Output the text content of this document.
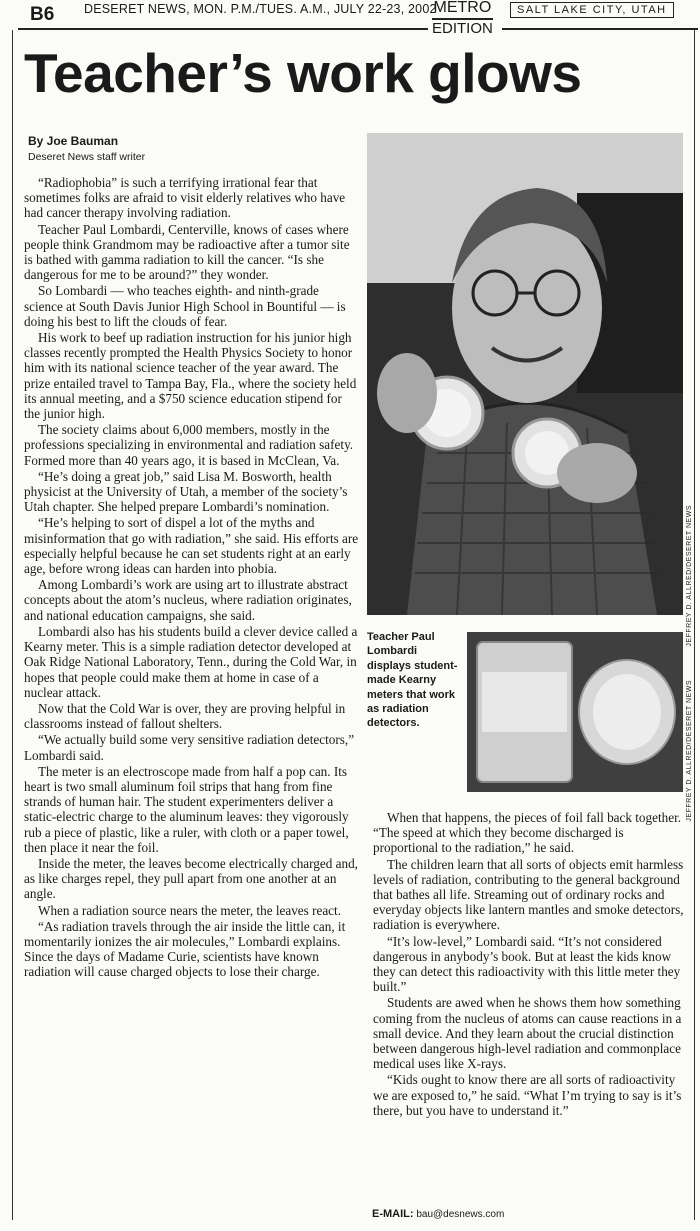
B6 DESERET NEWS, MON. P.M./TUES. A.M., JULY 22-23, 2002
METRO
EDITION
SALT LAKE CITY, UTAH
Teacher’s work glows
By Joe Bauman
Deseret News staff writer

“Radiophobia” is such a terrifying irrational fear that sometimes folks are afraid to visit elderly relatives who have had cancer therapy involving radiation.

Teacher Paul Lombardi, Centerville, knows of cases where people think Grandmom may be radioactive after a tumor site is bathed with gamma radiation to kill the cancer. “Is she dangerous for me to be around?” they wonder.

So Lombardi — who teaches eighth- and ninth-grade science at South Davis Junior High School in Bountiful — is doing his best to lift the clouds of fear.

His work to beef up radiation instruction for his junior high classes recently prompted the Health Physics Society to honor him with its national science teacher of the year award. The prize entailed travel to Tampa Bay, Fla., where the society held its annual meeting, and a $750 science education stipend for the junior high.

The society claims about 6,000 members, mostly in the professions specializing in environmental and radiation safety. Formed more than 40 years ago, it is based in McClean, Va.

“He’s doing a great job,” said Lisa M. Bosworth, health physicist at the University of Utah, a member of the society’s Utah chapter. She helped prepare Lombardi’s nomination.

“He’s helping to sort of dispel a lot of the myths and misinformation that go with radiation,” she said. His efforts are especially helpful because he can set students right at an early age, before wrong ideas can harden into phobia.

Among Lombardi’s work are using art to illustrate abstract concepts about the atom’s nucleus, where radiation originates, and national education campaigns, she said.

Lombardi also has his students build a clever device called a Kearny meter. This is a simple radiation detector developed at Oak Ridge National Laboratory, Tenn., during the Cold War, in hopes that people could make them at home in case of a nuclear attack.

Now that the Cold War is over, they are proving helpful in classrooms instead of fallout shelters.

“We actually build some very sensitive radiation detectors,” Lombardi said.

The meter is an electroscope made from half a pop can. Its heart is two small aluminum foil strips that hang from fine strands of human hair. The student experimenters deliver a static-electric charge to the aluminum leaves: they vigorously rub a piece of plastic, like a ruler, with cloth or a paper towel, then place it near the foil.

Inside the meter, the leaves become electrically charged and, as like charges repel, they pull apart from one another at an angle.

When a radiation source nears the meter, the leaves react.

“As radiation travels through the air inside the little can, it momentarily ionizes the air molecules,” Lombardi explains. Since the days of Madame Curie, scientists have known radiation will cause charged objects to lose their charge.

JEFFREY D. ALLRED/DESERET NEWS
Teacher Paul Lombardi displays student-made Kearny meters that work as radiation detectors.	JEFFREY D. ALLRED/DESERET NEWS

When that happens, the pieces of foil fall back together. “The speed at which they become discharged is proportional to the radiation,” he said.

The children learn that all sorts of objects emit harmless levels of radiation, contributing to the general background that bathes all life. Streaming out of ordinary rocks and everyday objects like lantern mantles and smoke detectors, radiation is everywhere.

“It’s low-level,” Lombardi said. “It’s not considered dangerous in anybody’s book. But at least the kids know they can detect this radioactivity with this little meter they built.”

Students are awed when he shows them how something coming from the nucleus of atoms can cause reactions in a small device. And they learn about the crucial distinction between dangerous high-level radiation and commonplace medical uses like X-rays.

“Kids ought to know there are all sorts of radioactivity we are exposed to,” he said. “What I’m trying to say is it’s there, but you have to understand it.”

E-MAIL: bau@desnews.com
